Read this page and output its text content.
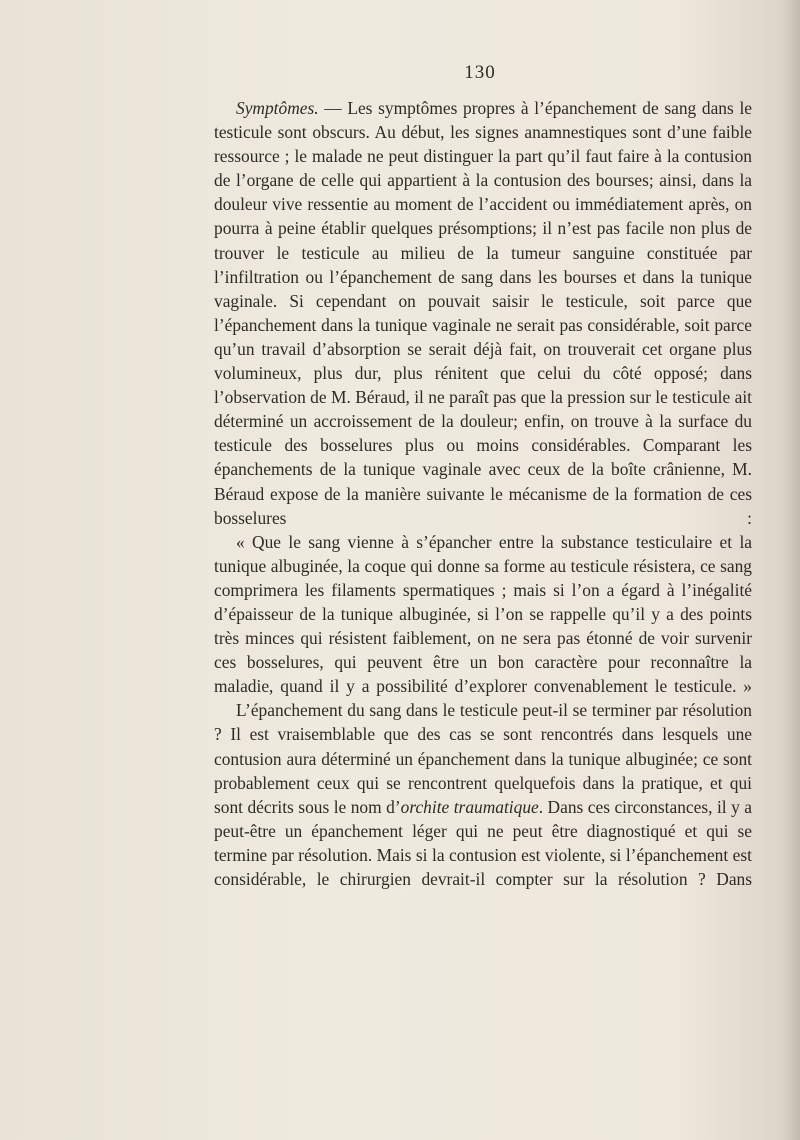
130

Symptômes. — Les symptômes propres à l’épanchement de sang dans le testicule sont obscurs. Au début, les signes anamnestiques sont d’une faible ressource ; le malade ne peut distinguer la part qu’il faut faire à la contusion de l’organe de celle qui appartient à la contusion des bourses; ainsi, dans la douleur vive ressentie au moment de l’accident ou immédiatement après, on pourra à peine établir quelques présomptions; il n’est pas facile non plus de trouver le testicule au milieu de la tumeur sanguine constituée par l’infiltration ou l’épanchement de sang dans les bourses et dans la tunique vaginale. Si cependant on pouvait saisir le testicule, soit parce que l’épanchement dans la tunique vaginale ne serait pas considérable, soit parce qu’un travail d’absorption se serait déjà fait, on trouverait cet organe plus volumineux, plus dur, plus rénitent que celui du côté opposé; dans l’observation de M. Béraud, il ne paraît pas que la pression sur le testicule ait déterminé un accroissement de la douleur; enfin, on trouve à la surface du testicule des bosselures plus ou moins considérables. Comparant les épanchements de la tunique vaginale avec ceux de la boîte crânienne, M. Béraud expose de la manière suivante le mécanisme de la formation de ces bosselures :

« Que le sang vienne à s’épancher entre la substance testiculaire et la tunique albuginée, la coque qui donne sa forme au testicule résistera, ce sang comprimera les filaments spermatiques ; mais si l’on a égard à l’inégalité d’épaisseur de la tunique albuginée, si l’on se rappelle qu’il y a des points très minces qui résistent faiblement, on ne sera pas étonné de voir survenir ces bosselures, qui peuvent être un bon caractère pour reconnaître la maladie, quand il y a possibilité d’explorer convenablement le testicule. »

L’épanchement du sang dans le testicule peut-il se terminer par résolution ? Il est vraisemblable que des cas se sont rencontrés dans lesquels une contusion aura déterminé un épanchement dans la tunique albuginée; ce sont probablement ceux qui se rencontrent quelquefois dans la pratique, et qui sont décrits sous le nom d’orchite traumatique. Dans ces circonstances, il y a peut-être un épanchement léger qui ne peut être diagnostiqué et qui se termine par résolution. Mais si la contusion est violente, si l’épanchement est considérable, le chirurgien devrait-il compter sur la résolution ? Dans
